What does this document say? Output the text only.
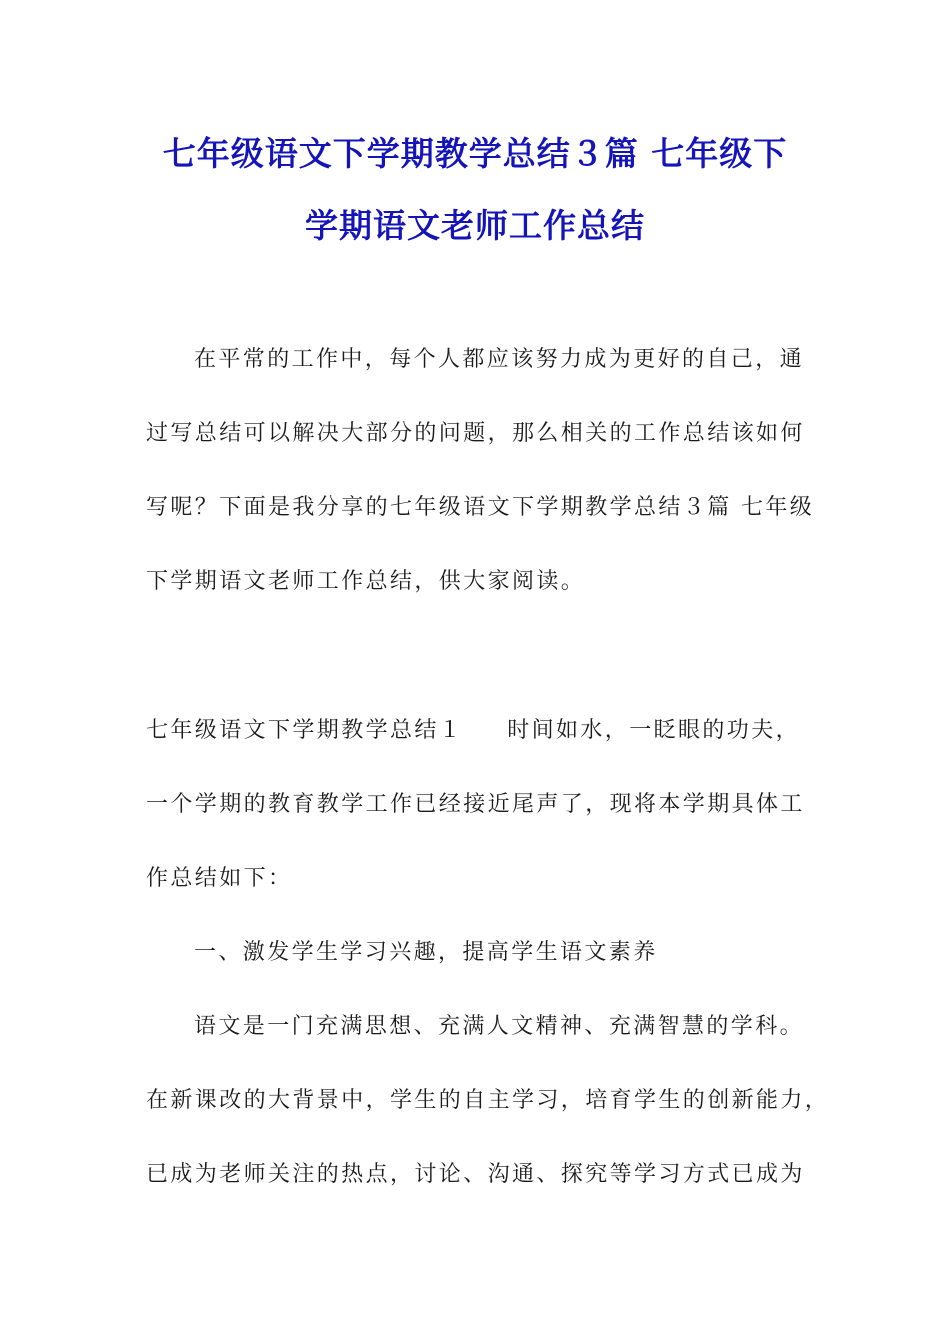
七年级语文下学期教学总结３篇 七年级下
学期语文老师工作总结

在平常的工作中，每个人都应该努力成为更好的自己，通

过写总结可以解决大部分的问题，那么相关的工作总结该如何

写呢？下面是我分享的七年级语文下学期教学总结３篇 七年级

下学期语文老师工作总结，供大家阅读。

七年级语文下学期教学总结１ 时间如水，一眨眼的功夫，

一个学期的教育教学工作已经接近尾声了，现将本学期具体工

作总结如下：

一、激发学生学习兴趣，提高学生语文素养

语文是一门充满思想、充满人文精神、充满智慧的学科。

在新课改的大背景中，学生的自主学习，培育学生的创新能力，

已成为老师关注的热点，讨论、沟通、探究等学习方式已成为
